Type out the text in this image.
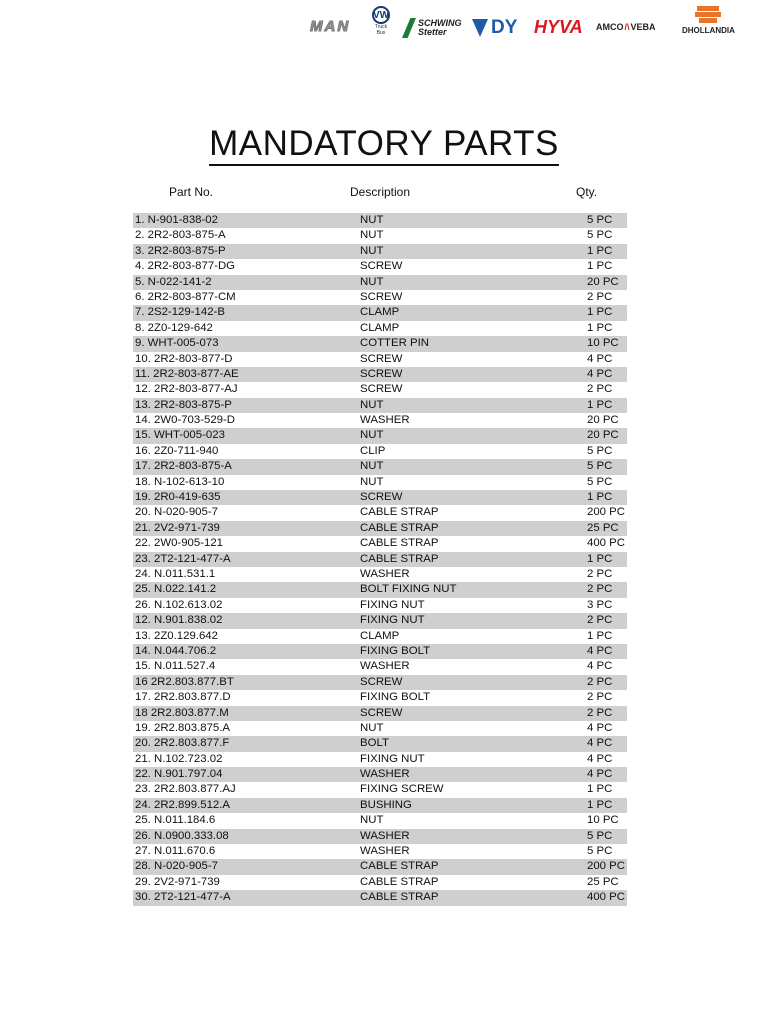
MAN
VW
Truck
Bus
SCHWING
Stetter	DY HYVA AMCO /\ VEBA	DHOLLANDIA
MANDATORY PARTS
Part No.	Description	Qty.
1. N-901-838-02	NUT	5 PC
2. 2R2-803-875-A	NUT	5 PC
3. 2R2-803-875-P	NUT	1 PC
4. 2R2-803-877-DG	SCREW	1 PC
5. N-022-141-2	NUT	20 PC
6. 2R2-803-877-CM	SCREW	2 PC
7. 2S2-129-142-B	CLAMP	1 PC
8. 2Z0-129-642	CLAMP	1 PC
9. WHT-005-073	COTTER PIN	10 PC
10. 2R2-803-877-D	SCREW	4 PC
11. 2R2-803-877-AE	SCREW	4 PC
12. 2R2-803-877-AJ	SCREW	2 PC
13. 2R2-803-875-P	NUT	1 PC
14. 2W0-703-529-D	WASHER	20 PC
15. WHT-005-023	NUT	20 PC
16. 2Z0-711-940	CLIP	5 PC
17. 2R2-803-875-A	NUT	5 PC
18. N-102-613-10	NUT	5 PC
19. 2R0-419-635	SCREW	1 PC
20. N-020-905-7	CABLE STRAP	200 PC
21. 2V2-971-739	CABLE STRAP	25 PC
22. 2W0-905-121	CABLE STRAP	400 PC
23. 2T2-121-477-A	CABLE STRAP	1 PC
24. N.011.531.1	WASHER	2 PC
25. N.022.141.2	BOLT FIXING NUT	2 PC
26. N.102.613.02	FIXING NUT	3 PC
12. N.901.838.02	FIXING NUT	2 PC
13. 2Z0.129.642	CLAMP	1 PC
14. N.044.706.2	FIXING BOLT	4 PC
15. N.011.527.4	WASHER	4 PC
16 2R2.803.877.BT	SCREW	2 PC
17. 2R2.803.877.D	FIXING BOLT	2 PC
18 2R2.803.877.M	SCREW	2 PC
19. 2R2.803.875.A	NUT	4 PC
20. 2R2.803.877.F	BOLT	4 PC
21. N.102.723.02	FIXING NUT	4 PC
22. N.901.797.04	WASHER	4 PC
23. 2R2.803.877.AJ	FIXING SCREW	1 PC
24. 2R2.899.512.A	BUSHING	1 PC
25. N.011.184.6	NUT	10 PC
26. N.0900.333.08	WASHER	5 PC
27. N.011.670.6	WASHER	5 PC
28. N-020-905-7	CABLE STRAP	200 PC
29. 2V2-971-739	CABLE STRAP	25 PC
30. 2T2-121-477-A	CABLE STRAP	400 PC
